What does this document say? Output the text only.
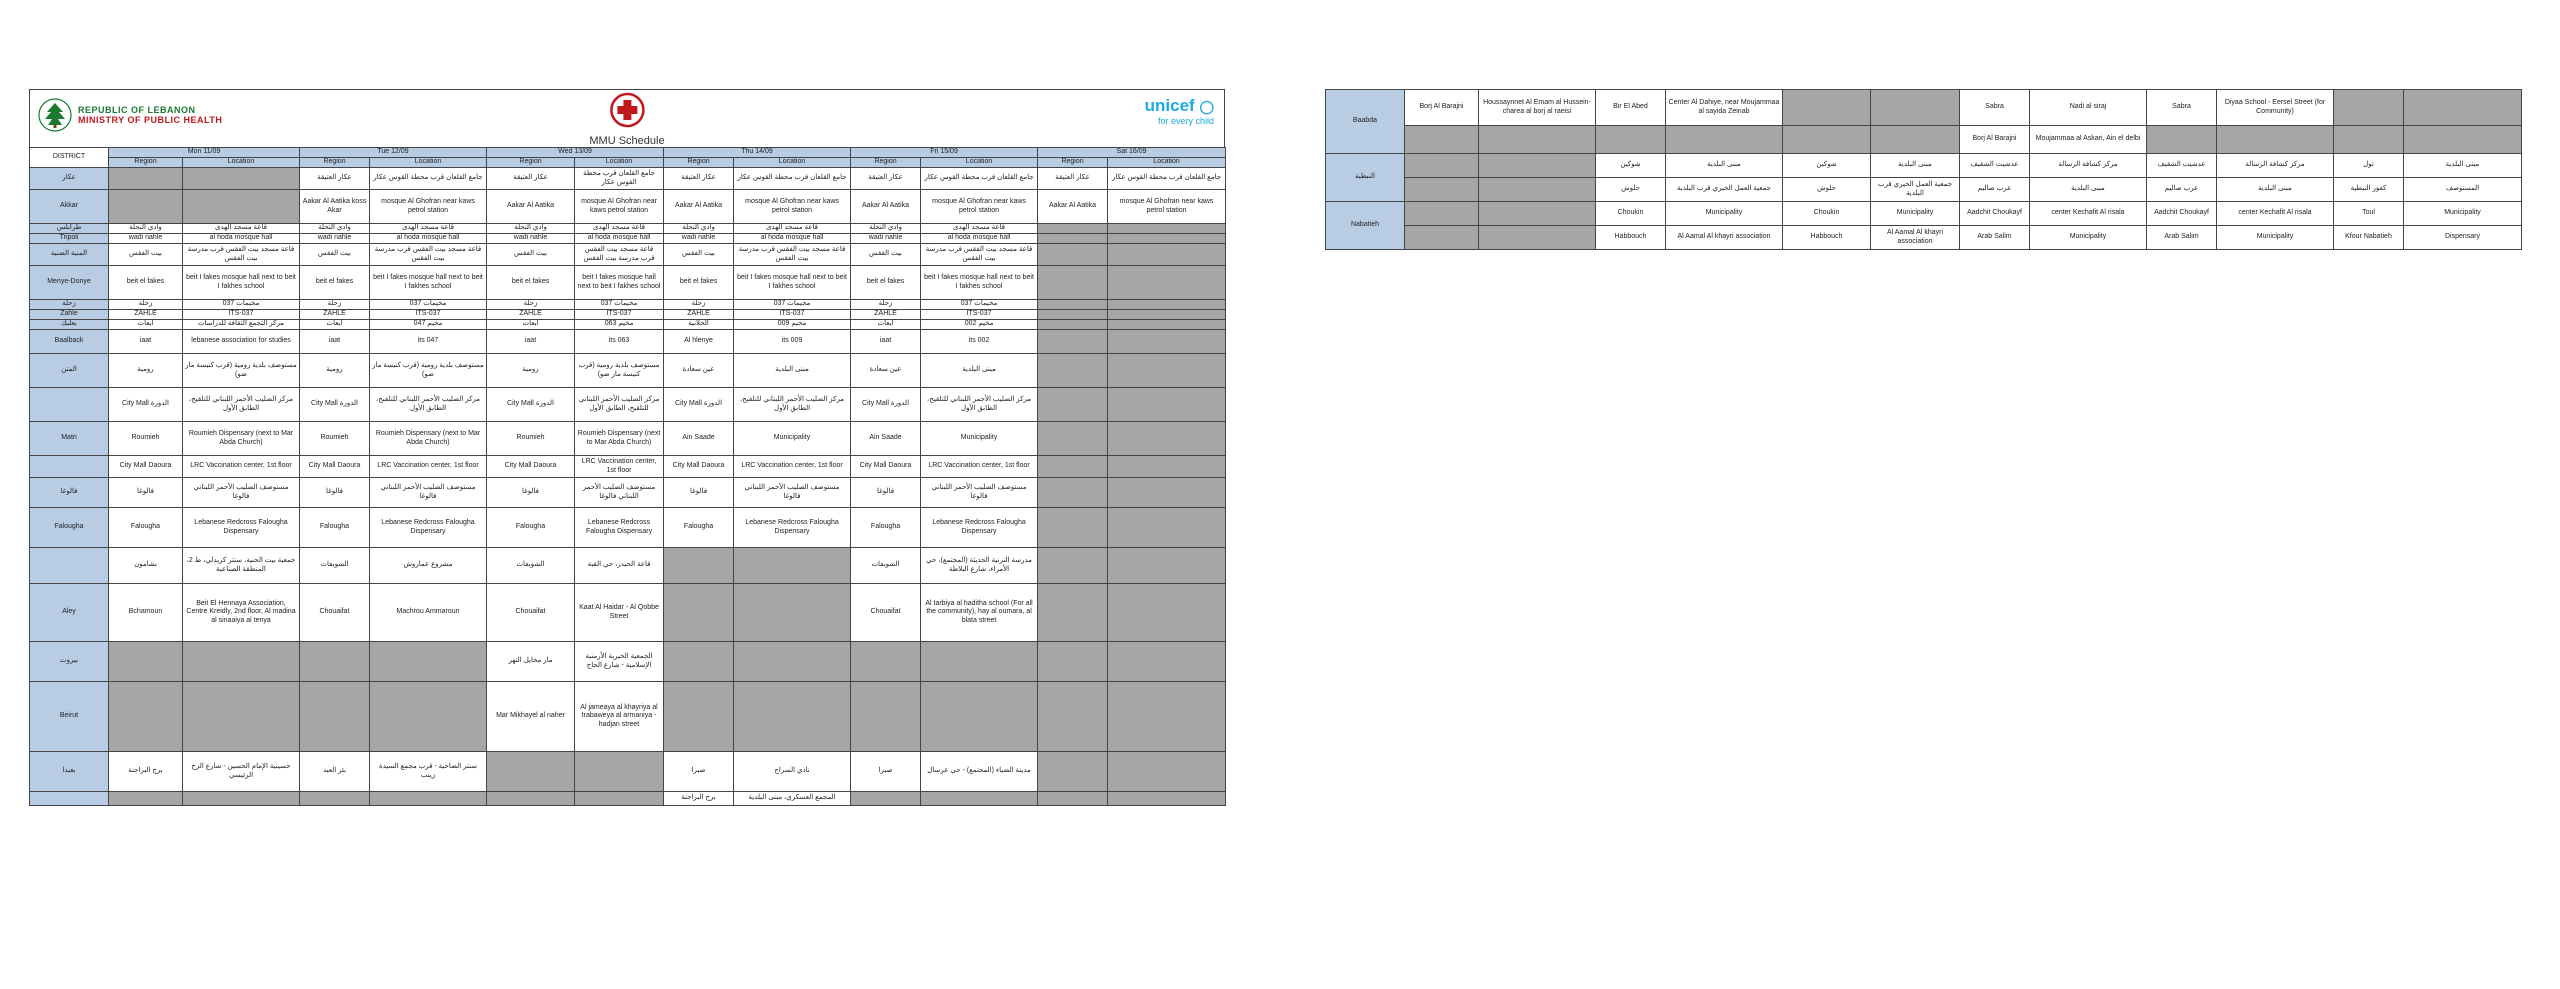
REPUBLIC OF LEBANON
MINISTRY OF PUBLIC HEALTH
MMU Schedule
unicef ◯
for every child
DISTRICT	Mon 11/09		Tue 12/09		Wed 13/09		Thu 14/09		Fri 15/09		Sat 16/09	
	Region	Location	Region	Location	Region	Location	Region	Location	Region	Location	Region	Location
عكار			عكار العتيقة	جامع القلعان قرب محطة القوس عكار	عكار العتيقة	جامع القلعان قرب محطة القوس عكار	عكار العتيقة	جامع القلعان قرب محطة القوس عكار	عكار العتيقة	جامع القلعان قرب محطة القوس عكار	عكار العتيقة	جامع القلعان قرب محطة القوس عكار
Akkar			Aakar Al Aatika koss Akar	mosque Al Ghofran near kaws petrol station	Aakar Al Aatika	mosque Al Ghofran near kaws petrol station	Aakar Al Aatika	mosque Al Ghofran near kaws petrol station	Aakar Al Aatika	mosque Al Ghofran near kaws petrol station	Aakar Al Aatika	mosque Al Ghofran near kaws petrol station
طرابلس	وادي النحلة	قاعة مسجد الهدى	وادي النحلة	قاعة مسجد الهدى	وادي النحلة	قاعة مسجد الهدى	وادي النحلة	قاعة مسجد الهدى	وادي النحلة	قاعة مسجد الهدى		
Tripoli	wadi nahle	al hoda mosque hall	wadi nahle	al hoda mosque hall	wadi nahle	al hoda mosque hall	wadi nahle	al hoda mosque hall	wadi nahle	al hoda mosque hall		
المنية الضنية	بيت الفقس	قاعة مسجد بيت الفقس قرب مدرسة بيت الفقس	بيت الفقس	قاعة مسجد بيت الفقس قرب مدرسة بيت الفقس	بيت الفقس	قاعة مسجد بيت الفقس قرب مدرسة بيت الفقس	بيت الفقس	قاعة مسجد بيت الفقس قرب مدرسة بيت الفقس	بيت الفقس	قاعة مسجد بيت الفقس قرب مدرسة بيت الفقس		
Menye-Donye	beit el fakes	beit I fakes mosque hall next to beit I fakhes school	beit el fakes	beit I fakes mosque hall next to beit I fakhes school	beit el fakes	beit I fakes mosque hall next to beit I fakhes school	beit el fakes	beit I fakes mosque hall next to beit I fakhes school	beit el fakes	beit I fakes mosque hall next to beit I fakhes school		
زحلة	زحلة	مخيمات 037	زحلة	مخيمات 037	زحلة	مخيمات 037	زحلة	مخيمات 037	زحلة	مخيمات 037		
Zahle	ZAHLE	ITS-037	ZAHLE	ITS-037	ZAHLE	ITS-037	ZAHLE	ITS-037	ZAHLE	ITS-037		
بعلبك	ايعات	مركز التجمع الثقافة للدراسات	ايعات	مخيم 047	ايعات	مخيم 063	الحلانية	مخيم 009	ايعات	مخيم 002		
Baalback	iaat	lebanese association for studies	iaat	its 047	iaat	its 063	Al hlenye	its 009	iaat	its 002		
المتن	رومية	مستوصف بلدية رومية (قرب كنيسة مار ضو)	رومية	مستوصف بلدية رومية (قرب كنيسة مار ضو)	رومية	مستوصف بلدية رومية (قرب كنيسة مار ضو)	عين سعادة	مبنى البلدية	عين سعادة	مبنى البلدية		
	City Mall الدورة	مركز الصليب الأحمر اللبناني للتلقيح، الطابق الأول	City Mall الدورة	مركز الصليب الأحمر اللبناني للتلقيح، الطابق الأول	City Mall الدورة	مركز الصليب الأحمر اللبناني للتلقيح، الطابق الأول	City Mall الدورة	مركز الصليب الأحمر اللبناني للتلقيح، الطابق الأول	City Mall الدورة	مركز الصليب الأحمر اللبناني للتلقيح، الطابق الأول		
Matn	Roumieh	Roumieh Dispensary (next to Mar Abda Church)	Roumieh	Roumieh Dispensary (next to Mar Abda Church)	Roumieh	Roumieh Dispensary (next to Mar Abda Church)	Ain Saade	Municipality	Ain Saade	Municipality		
	City Mall Daoura	LRC Vaccination center, 1st floor	City Mall Daoura	LRC Vaccination center, 1st floor	City Mall Daoura	LRC Vaccination center, 1st floor	City Mall Daoura	LRC Vaccination center, 1st floor	City Mall Daoura	LRC Vaccination center, 1st floor		
فالوغا	فالوغا	مستوصف الصليب الأحمر اللبناني فالوغا	فالوغا	مستوصف الصليب الأحمر اللبناني فالوغا	فالوغا	مستوصف الصليب الأحمر اللبناني فالوغا	فالوغا	مستوصف الصليب الأحمر اللبناني فالوغا	فالوغا	مستوصف الصليب الأحمر اللبناني فالوغا		
Falougha	Falougha	Lebanese Redcross Falougha Dispensary	Falougha	Lebanese Redcross Falougha Dispensary	Falougha	Lebanese Redcross Falougha Dispensary	Falougha	Lebanese Redcross Falougha Dispensary	Falougha	Lebanese Redcross Falougha Dispensary		
	بشامون	جمعية بيت الحنية، سنتر كريدلي، ط 2، المنطقة الصناعية	الشويفات	مشروع عماروش	الشويفات	قاعة الحيدر، حي القبة			الشويفات	مدرسة الترنية الحديثة (المجتمع)، حي الأمراء، شارع البلاطة		
Aley	Bchamoun	Beit El Hennaya Association, Centre Kreidly, 2nd floor, Al madina al sinaaiya al tenya	Chouaifat	Machrou Ammaroun	Chouaifat	Kaat Al Haidar - Al Qobbe Street			Chouaifat	Al tarbiya al haditha school (For all the community), hay al oumara, al blata street		
بيروت					مار مخايل النهر	الجمعية الخيرية الأرمنية الإسلامية - شارع الحاج						
Beirut					Mar Mikhayel al naher	Al jameaya al khayriya al trabaweya al armaniya - hadjan street						
بعبدا	برج البراجنة	حسينية الإمام الحسين - شارع الرح الرئيسي	بئر العبد	سنتر الضاحية - قرب مجمع السيدة زينب			صبرا	نادي السراج	صبرا	مدينة الضياء (المجتمع) - حي عرسال		
							برج البراجنة	المجمع العسكري، مبنى البلدية				
Baabda	Borj Al Barajni	Houssaynnet Al Emam al Hussein- charea al borj al raeisi	Bir El Abed	Center Al Dahiye, near Moujammaa al sayida Zeinab			Sabra	Nadi al siraj	Sabra	Diyaa School - Eersel Street (for Community)		
							Borj Al Barajni	Moujammaa al Askari, Ain el delbi				
النبطية			شوكين	مبنى البلدية	شوكين	مبنى البلدية	عدشيت الشقيف	مركز كشافة الرسالة	عدشيت الشقيف	مركز كشافة الرسالة	تول	مبنى البلدية
			حلوش	جمعية العمل الخيري قرب البلدية	حلوش	جمعية العمل الخيري قرب البلدية	عرب صاليم	مبنى البلدية	عرب صاليم	مبنى البلدية	كفور النبطية	المستوصف
Nabatieh			Choukin	Municipality	Choukin	Municipality	Aadchit Choukayf	center Kechafit Al risala	Aadchit Choukayf	center Kechafit Al risala	Toul	Municipality
			Habbouch	Al Aamal Al khayri association	Habbouch	Al Aamal Al khayri association	Arab Salim	Municipality	Arab Salim	Municipality	Kfour Nabatieh	Dispensary
